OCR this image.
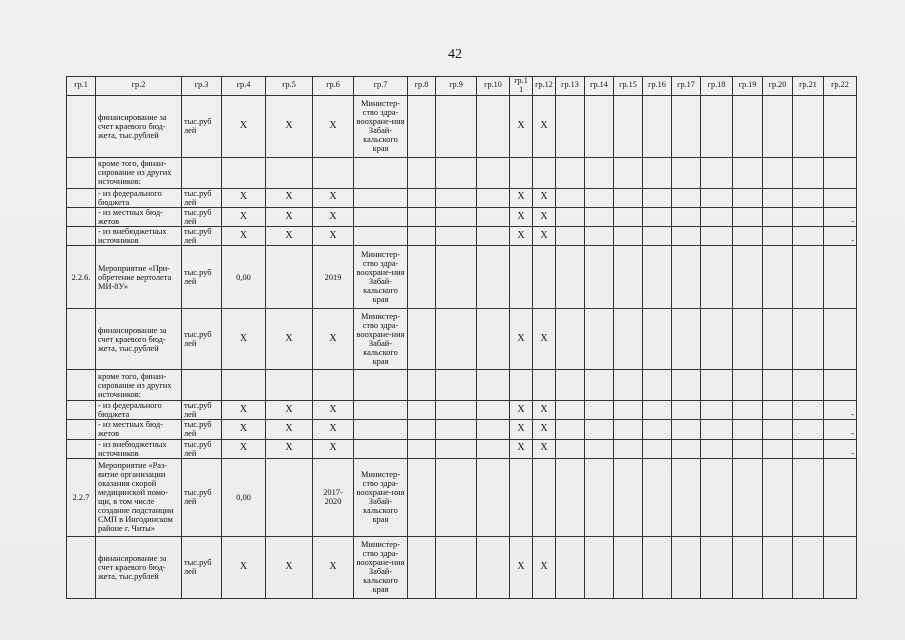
42
гр.1	гр.2	гр.3	гр.4	гр.5	гр.6	гр.7	гр.8	гр.9	гр.10	гр.1 1	гр.12	гр.13	гр.14	гр.15	гр.16	гр.17	гр.18	гр.19	гр.20	гр.21	гр.22
	финансирование за счет краевого бюд-жета, тыс.рублей	тыс.руб лей	Х	Х	Х	Министер-ство здра-воохране-ния Забай-кальского края				Х	Х										
	кроме того, финан-сирование из других источников:																				
	- из федерального бюджета	тыс.руб лей	Х	Х	Х					Х	Х										
	- из местных бюд-жетов	тыс.руб лей	Х	Х	Х					Х	Х										-
	- из внебюджетных источников	тыс.руб лей	Х	Х	Х					Х	Х										-
2.2.6.	Мероприятие «При-обретение вертолета МИ-8У»	тыс.руб лей	0,00		2019	Министер-ство здра-воохране-ния Забай-кальского края															
	финансирование за счет краевого бюд-жета, тыс.рублей	тыс.руб лей	Х	Х	Х	Министер-ство здра-воохране-ния Забай-кальского края				Х	Х										
	кроме того, финан-сирование из других источников:																				
	- из федерального бюджета	тыс.руб лей	Х	Х	Х					Х	Х										-
	- из местных бюд-жетов	тыс.руб лей	Х	Х	Х					Х	Х										-
	- из внебюджетных источников	тыс.руб лей	Х	Х	Х					Х	Х										-
2.2.7	Мероприятие «Раз-витие организации оказания скорой медицинской помо-щи, в том числе создание подстанции СМП в Ингодинском районе г. Читы»	тыс.руб лей	0,00		2017-2020	Министер-ство здра-воохране-ния Забай-кальского края															
	финансирование за счет краевого бюд-жета, тыс.рублей	тыс.руб лей	Х	Х	Х	Министер-ство здра-воохране-ния Забай-кальского края				Х	Х										
